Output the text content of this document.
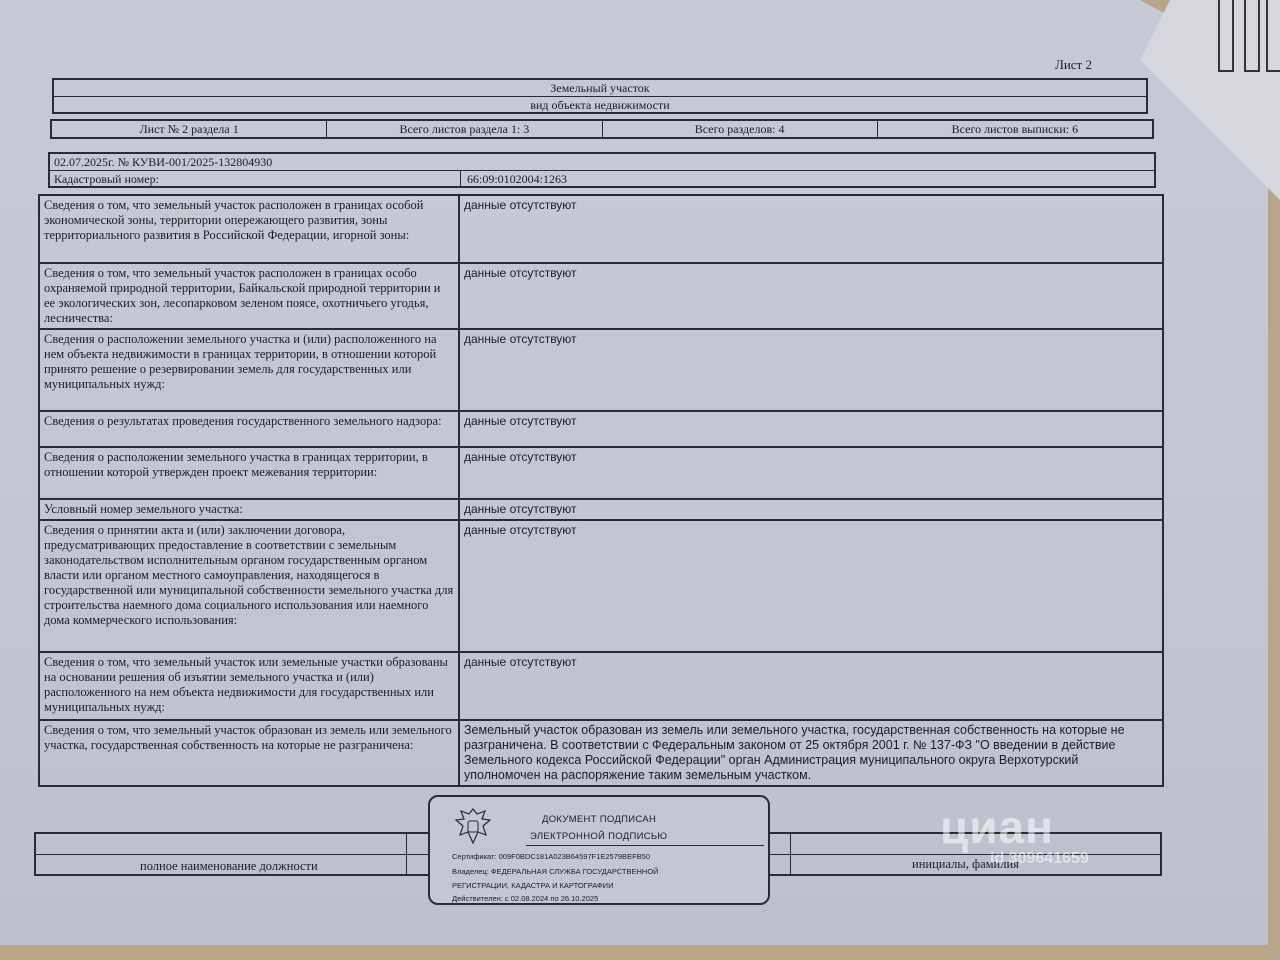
Лист 2
Земельный участок
вид объекта недвижимости
Лист № 2 раздела 1	Всего листов раздела 1: 3	Всего разделов: 4	Всего листов выписки: 6
02.07.2025г. № КУВИ-001/2025-132804930
Кадастровый номер:	66:09:0102004:1263
Сведения о том, что земельный участок расположен в границах особой экономической зоны, территории опережающего развития, зоны территориального развития в Российской Федерации, игорной зоны:	данные отсутствуют
Сведения о том, что земельный участок расположен в границах особо охраняемой природной территории, Байкальской природной территории и ее экологических зон, лесопарковом зеленом поясе, охотничьего угодья, лесничества:	данные отсутствуют
Сведения о расположении земельного участка и (или) расположенного на нем объекта недвижимости в границах территории, в отношении которой принято решение о резервировании земель для государственных или муниципальных нужд:	данные отсутствуют
Сведения о результатах проведения государственного земельного надзора:	данные отсутствуют
Сведения о расположении земельного участка в границах территории, в отношении которой утвержден проект межевания территории:	данные отсутствуют
Условный номер земельного участка:	данные отсутствуют
Сведения о принятии акта и (или) заключении договора, предусматривающих предоставление в соответствии с земельным законодательством исполнительным органом государственным органом власти или органом местного самоуправления, находящегося в государственной или муниципальной собственности земельного участка для строительства наемного дома социального использования или наемного дома коммерческого использования:	данные отсутствуют
Сведения о том, что земельный участок или земельные участки образованы на основании решения об изъятии земельного участка и (или) расположенного на нем объекта недвижимости для государственных или муниципальных нужд:	данные отсутствуют
Сведения о том, что земельный участок образован из земель или земельного участка, государственная собственность на которые не разграничена:	Земельный участок образован из земель или земельного участка, государственная собственность на которые не разграничена. В соответствии с Федеральным законом от 25 октября 2001 г. № 137-ФЗ "О введении в действие Земельного кодекса Российской Федерации" орган Администрация муниципального округа Верхотурский уполномочен на распоряжение таким земельным участком.
полное наименование должности	инициалы, фамилия
ДОКУМЕНТ ПОДПИСАН
ЭЛЕКТРОННОЙ ПОДПИСЬЮ
Сертификат: 009F0BDC181A023B64597F1E2579BEFB50
Владелец: ФЕДЕРАЛЬНАЯ СЛУЖБА ГОСУДАРСТВЕННОЙ
РЕГИСТРАЦИИ, КАДАСТРА И КАРТОГРАФИИ
Действителен: с 02.08.2024 по 26.10.2025
циан
id 309641659
